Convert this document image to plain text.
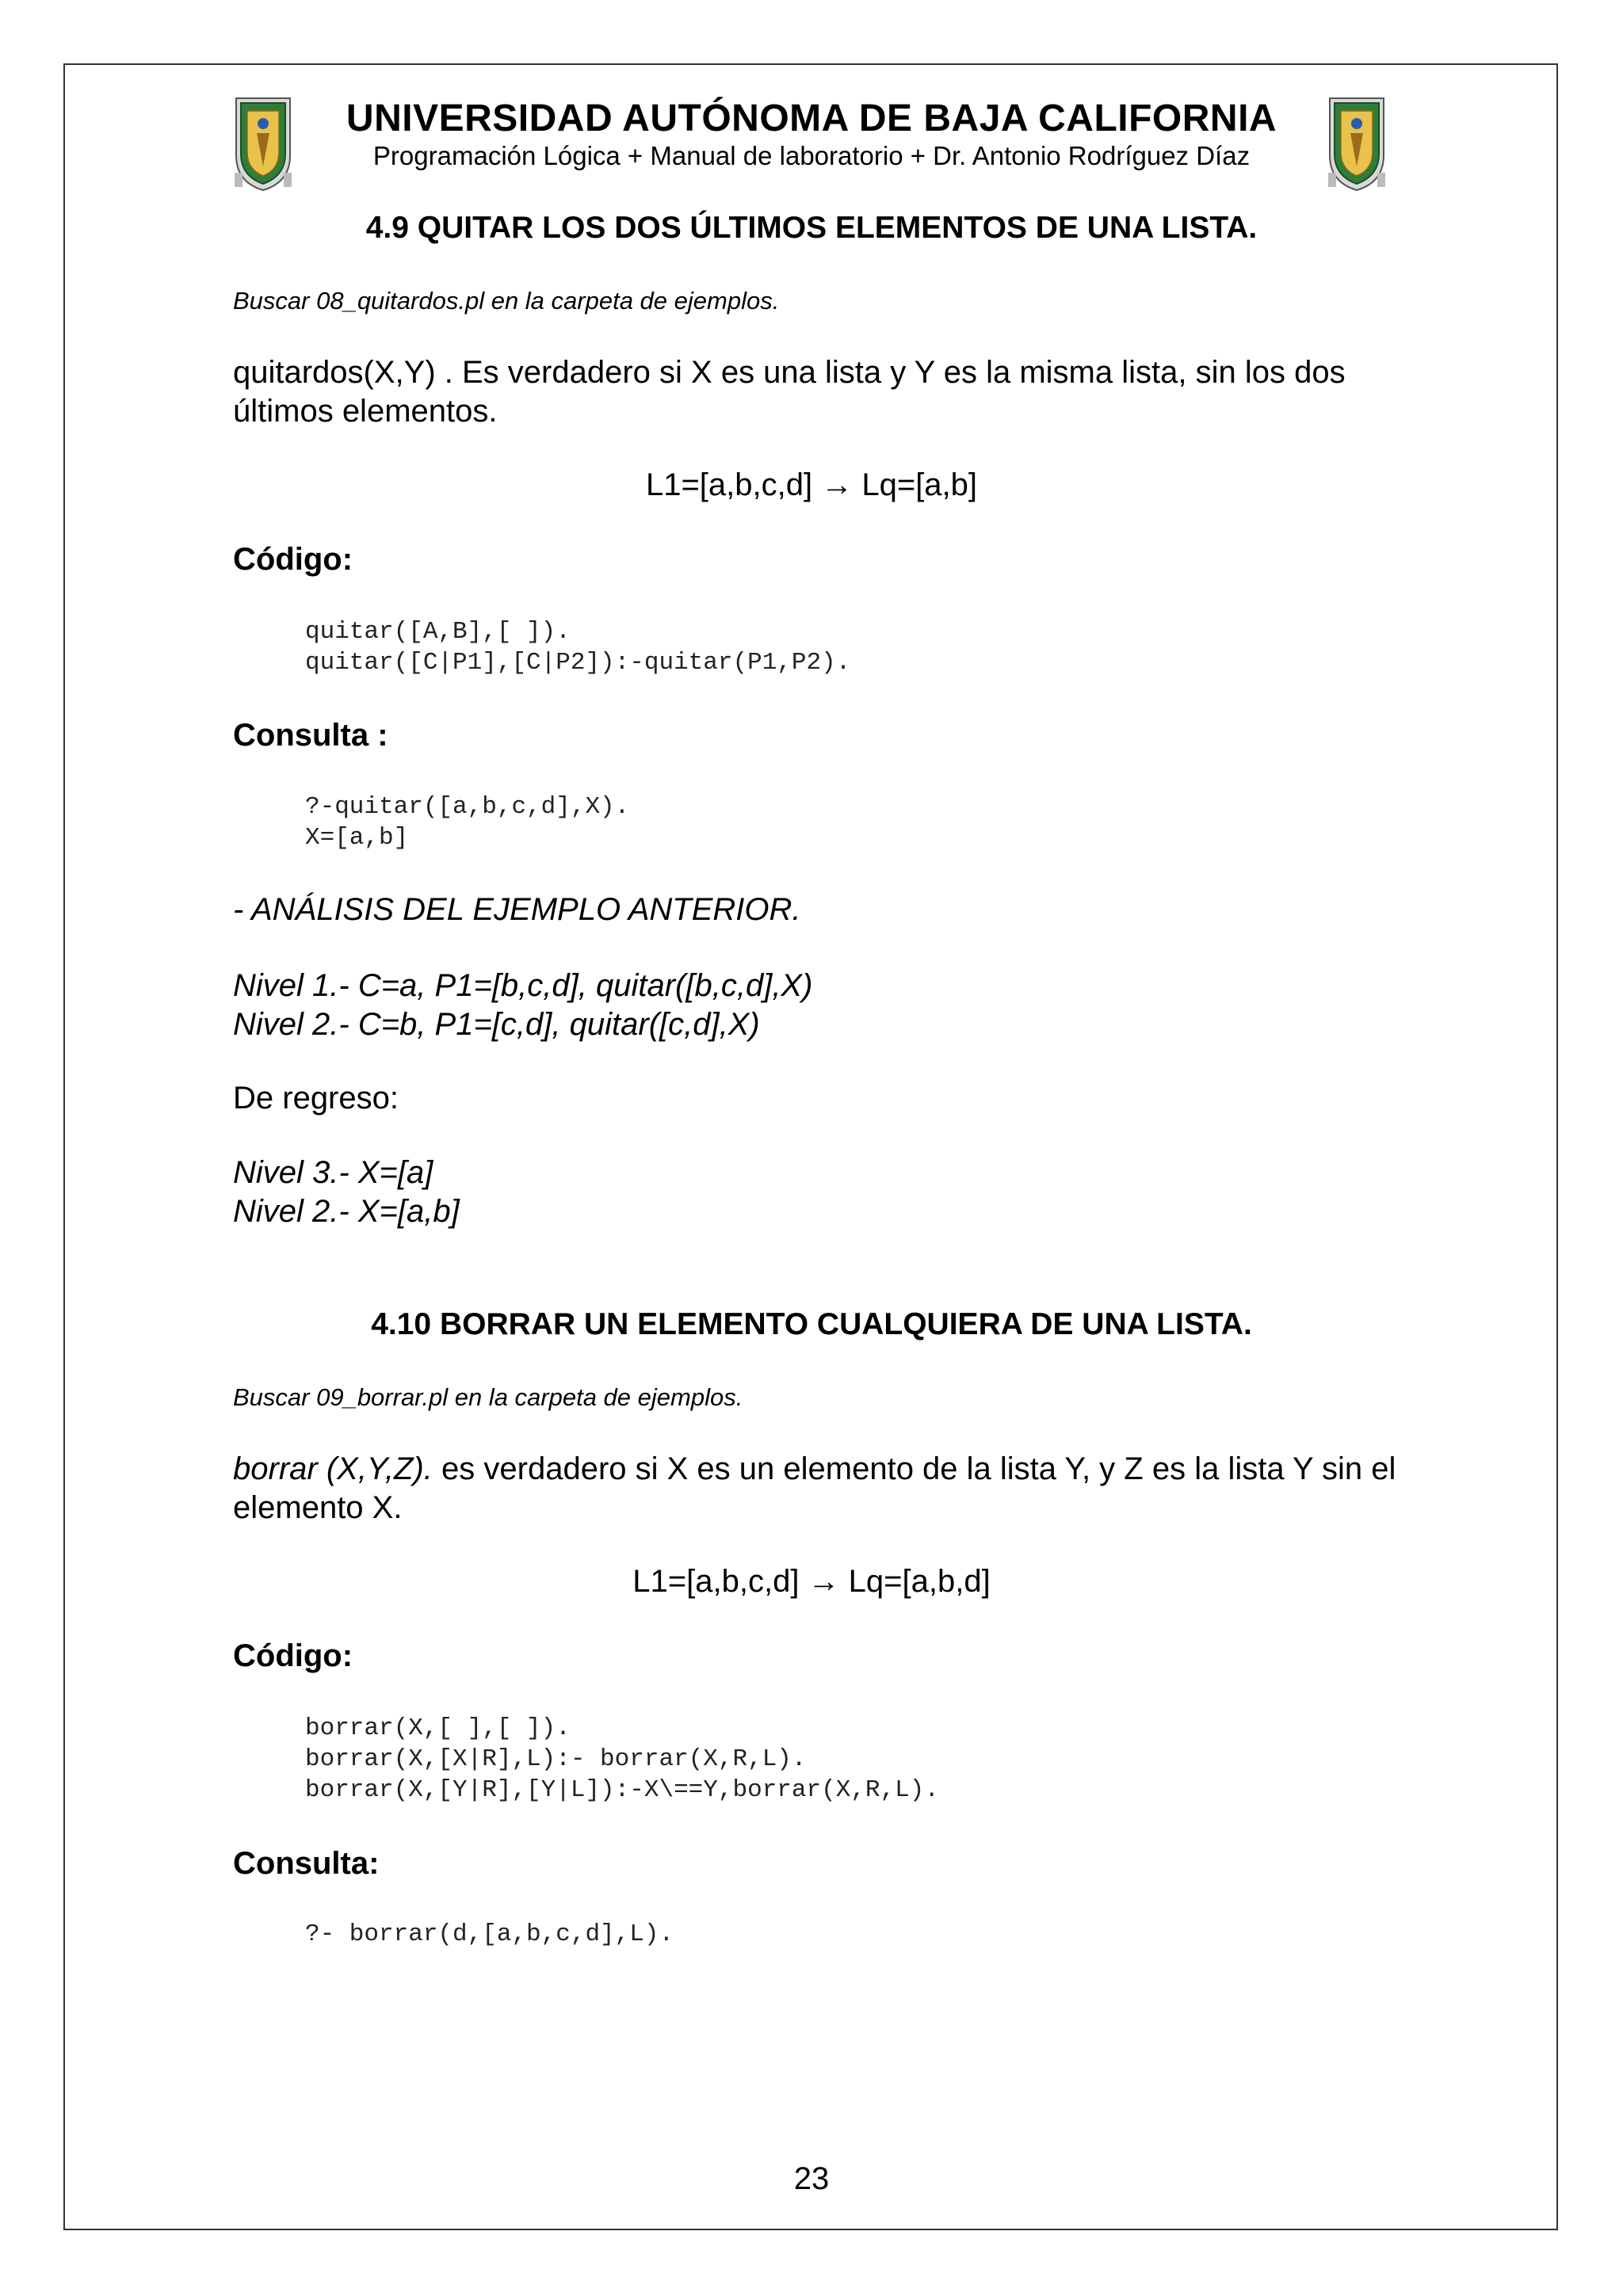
UNIVERSIDAD AUTÓNOMA DE BAJA CALIFORNIA
Programación Lógica + Manual de laboratorio + Dr. Antonio Rodríguez Díaz
4.9 QUITAR LOS DOS ÚLTIMOS ELEMENTOS DE UNA LISTA.
Buscar 08_quitardos.pl en la carpeta de ejemplos.
quitardos(X,Y) . Es verdadero si X es una lista y Y es la misma lista, sin los dos últimos elementos.
L1=[a,b,c,d] → Lq=[a,b]
Código:
quitar([A,B],[ ]).
quitar([C|P1],[C|P2]):-quitar(P1,P2).
Consulta :
?-quitar([a,b,c,d],X).
X=[a,b]
- ANÁLISIS DEL EJEMPLO ANTERIOR.
Nivel 1.- C=a, P1=[b,c,d], quitar([b,c,d],X)
Nivel 2.- C=b, P1=[c,d], quitar([c,d],X)
De regreso:
Nivel 3.- X=[a]
Nivel 2.- X=[a,b]
4.10 BORRAR UN ELEMENTO CUALQUIERA DE UNA LISTA.
Buscar 09_borrar.pl en la carpeta de ejemplos.
borrar (X,Y,Z). es verdadero si X es un elemento de la lista Y, y Z es la lista Y sin el elemento X.
L1=[a,b,c,d] → Lq=[a,b,d]
Código:
borrar(X,[ ],[ ]).
borrar(X,[X|R],L):- borrar(X,R,L).
borrar(X,[Y|R],[Y|L]):-X\==Y,borrar(X,R,L).
Consulta:
?- borrar(d,[a,b,c,d],L).
23
